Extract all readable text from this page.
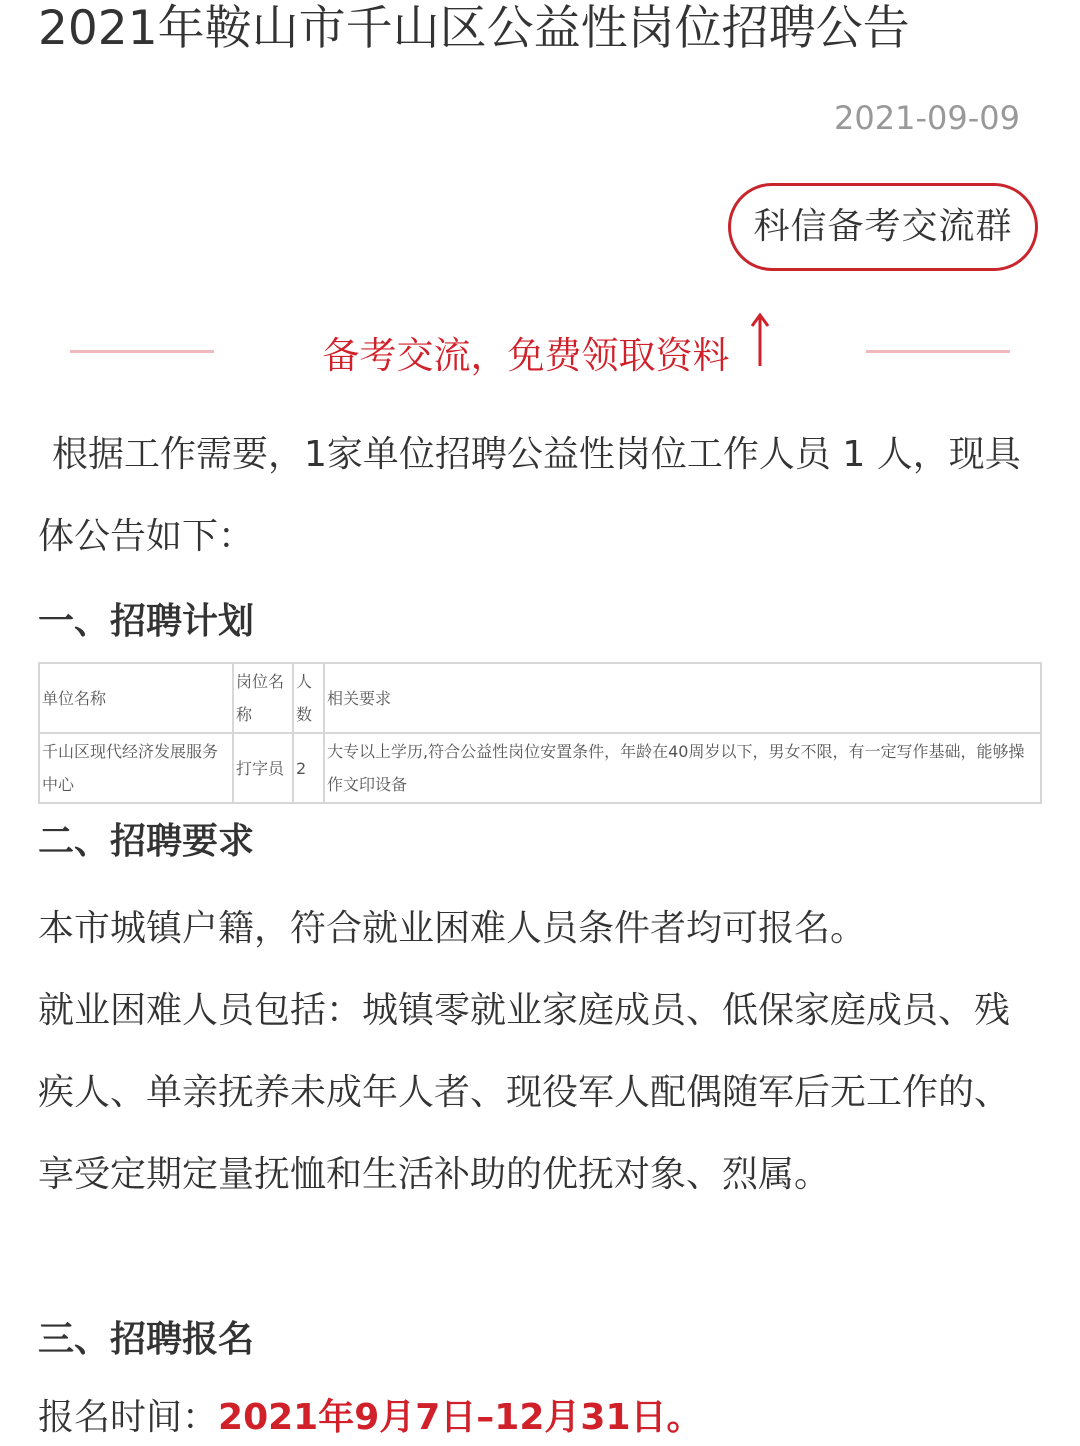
2021年鞍山市千山区公益性岗位招聘公告
2021-09-09
科信备考交流群
备考交流，免费领取资料

根据工作需要，1家单位招聘公益性岗位工作人员 1 人，现具体公告如下：

一、招聘计划
单位名称	岗位名称	人数	相关要求
千山区现代经济发展服务中心	打字员	2	大专以上学历,符合公益性岗位安置条件，年龄在40周岁以下，男女不限，有一定写作基础，能够操作文印设备
二、招聘要求

本市城镇户籍，符合就业困难人员条件者均可报名。

就业困难人员包括：城镇零就业家庭成员、低保家庭成员、残疾人、单亲抚养未成年人者、现役军人配偶随军后无工作的、享受定期定量抚恤和生活补助的优抚对象、烈属。

三、招聘报名

报名时间：2021年9月7日–12月31日。
